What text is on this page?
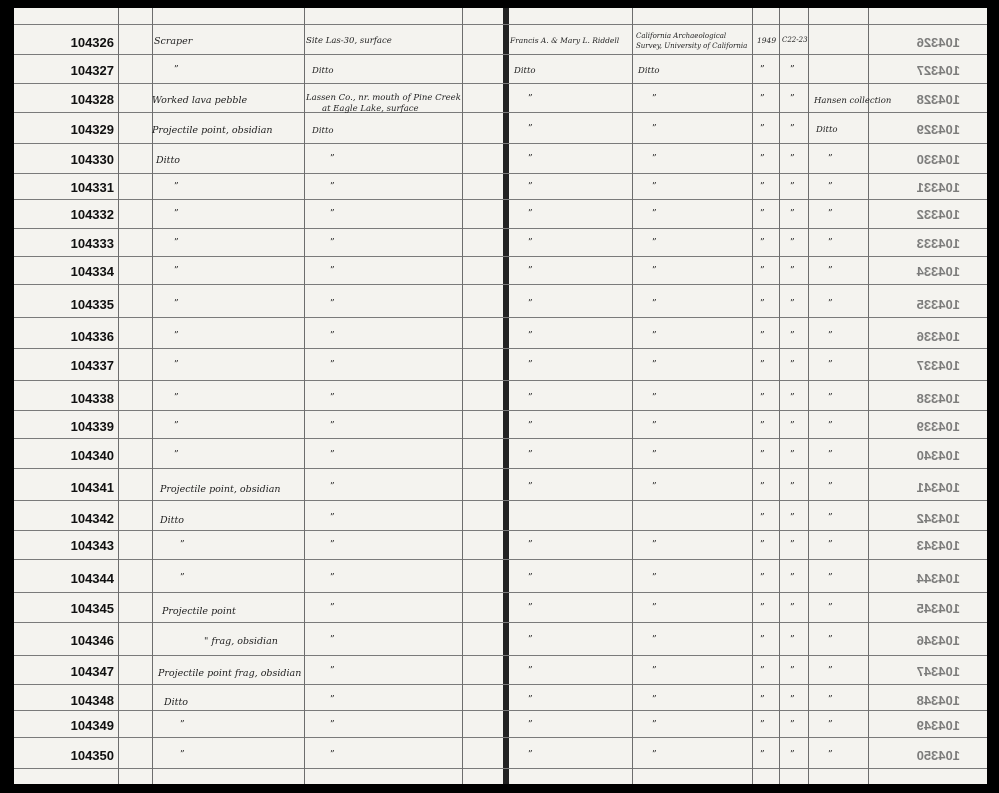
104326
104327
104328
104329
104330
104331
104332
104333
104334
104335
104336
104337
104338
104339
104340
104341
104342
104343
104344
104345
104346
104347
104348
104349
104350
104326
104327
104328
104329
104330
104331
104332
104333
104334
104335
104336
104337
104338
104339
104340
104341
104342
104343
104344
104345
104346
104347
104348
104349
104350
Scraper
Worked lava pebble
Projectile point, obsidian
Ditto
Projectile point, obsidian
Ditto
Projectile point
" frag, obsidian
Projectile point frag, obsidian
Ditto
Site Las-30, surface
Ditto
Lassen Co., nr. mouth of Pine Creek
at Eagle Lake, surface
Ditto
Francis A. & Mary L. Riddell
Ditto
California Archaeological
Survey, University of California
Ditto
1949 C22-23
Hansen collection
Ditto
”
”
”
”
”
”
”
”
”
”
”
”
”
”
”
”
”
”
”
”
”
”
”
”
”
”
”
”
”
”
”
”
”
”
”
”
”
”
”
”
”
”
”
”
”
”
”
”
”
”
”
”
”
”
”
”
”
”
”
”
”
”
”
”
”
”
”
”
”
”
”
”
”
”
”
”
”
”
”
”
”
”
”
”
”
”
”
”
”
”
”
”
”
”
”
”
”
”
”
”
”
”
”
”
”
”
”
”
”
”
”
”
”
”
”
”
”
”
”
”
”
”
”
”
”
”
”
”
”
”
”
”
”
”
”
”
”
”
”
”
”
”
”
”
”
”
”
”
”
